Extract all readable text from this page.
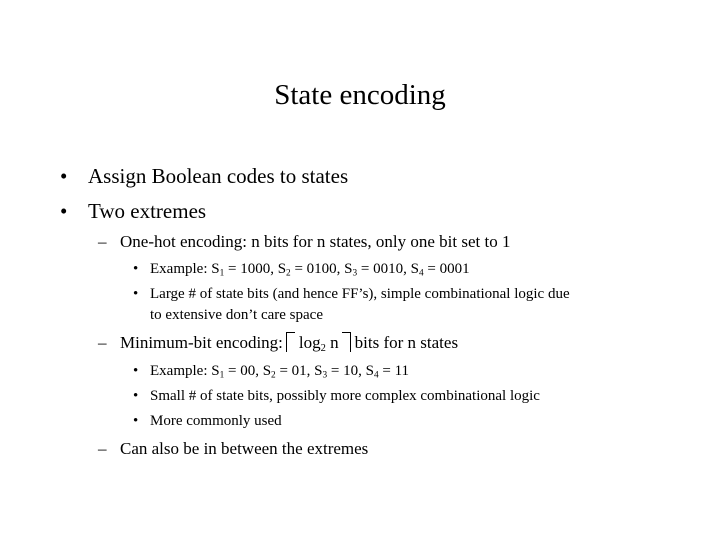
State encoding
• Assign Boolean codes to states
• Two extremes
– One-hot encoding: n bits for n states, only one bit set to 1
• Example: $S_1 = 1000$, $S_2 = 0100$, $S_3 = 0010$, $S_4 = 0001$
• Large # of state bits (and hence FF’s), simple combinational logic due
to extensive don’t care space
– Minimum-bit encoding: $\log_2 n$ bits for n states
• Example: $S_1 = 00$, $S_2 = 01$, $S_3 = 10$, $S_4 = 11$
• Small # of state bits, possibly more complex combinational logic
• More commonly used
– Can also be in between the extremes
